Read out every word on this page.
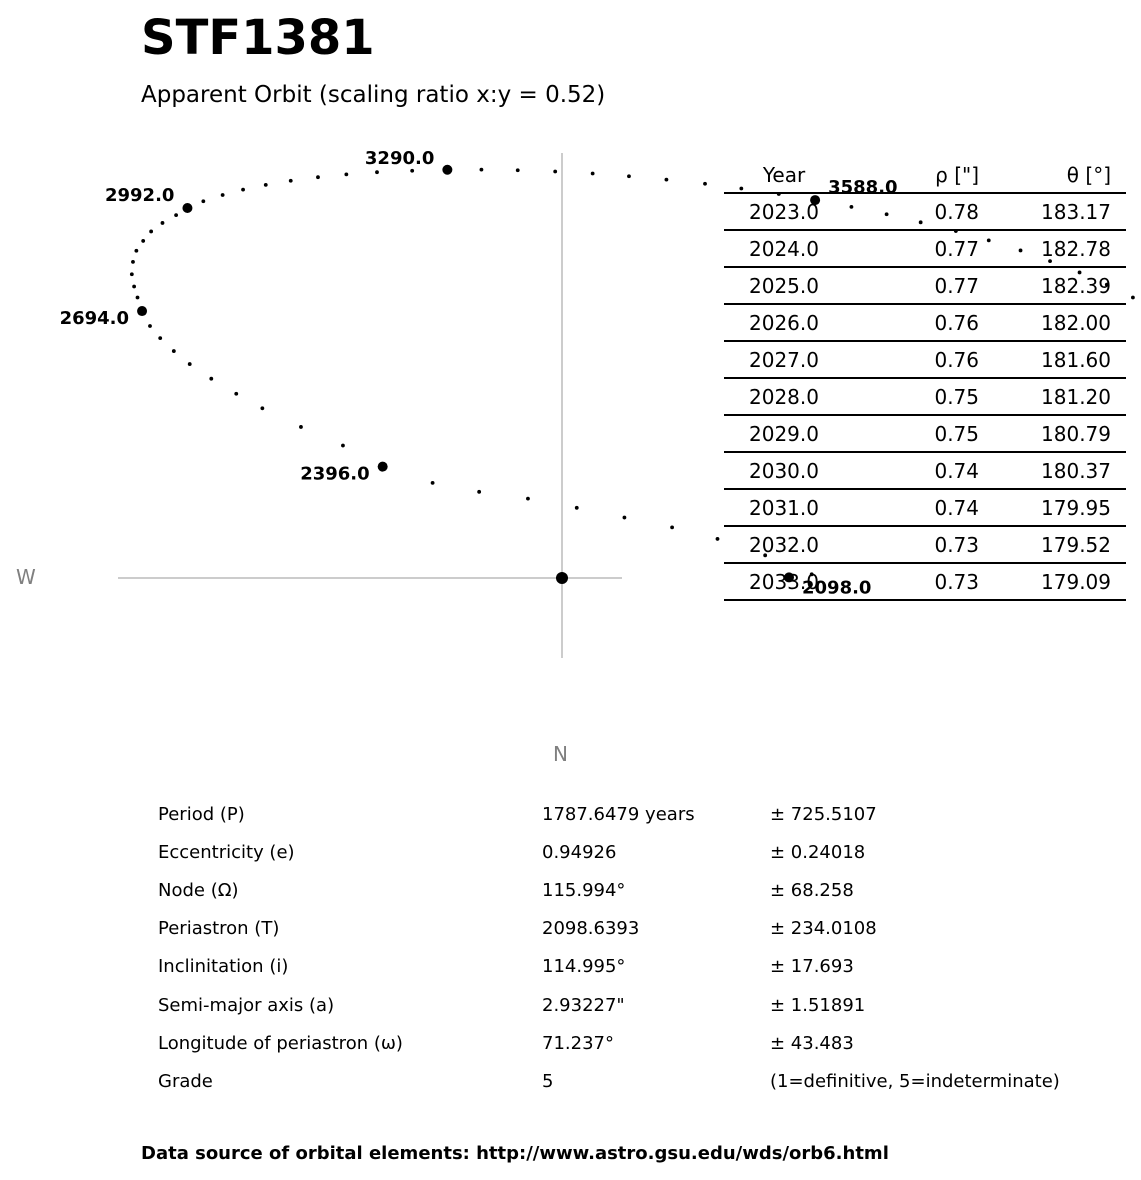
STF1381
Apparent Orbit (scaling ratio x:y = 0.52)
2098.0
2396.0
2694.0
2992.0
3290.0
3588.0
W
N
Year	ρ ["]	θ [°]
2023.0	0.78	183.17
2024.0	0.77	182.78
2025.0	0.77	182.39
2026.0	0.76	182.00
2027.0	0.76	181.60
2028.0	0.75	181.20
2029.0	0.75	180.79
2030.0	0.74	180.37
2031.0	0.74	179.95
2032.0	0.73	179.52
2033.0	0.73	179.09
Period (P)	1787.6479 years	± 725.5107
Eccentricity (e)	0.94926	± 0.24018
Node (Ω)	115.994°	± 68.258
Periastron (T)	2098.6393	± 234.0108
Inclinitation (i)	114.995°	± 17.693
Semi-major axis (a)	2.93227"	± 1.51891
Longitude of periastron (ω)	71.237°	± 43.483
Grade	5	(1=definitive, 5=indeterminate)
Data source of orbital elements: http://www.astro.gsu.edu/wds/orb6.html
